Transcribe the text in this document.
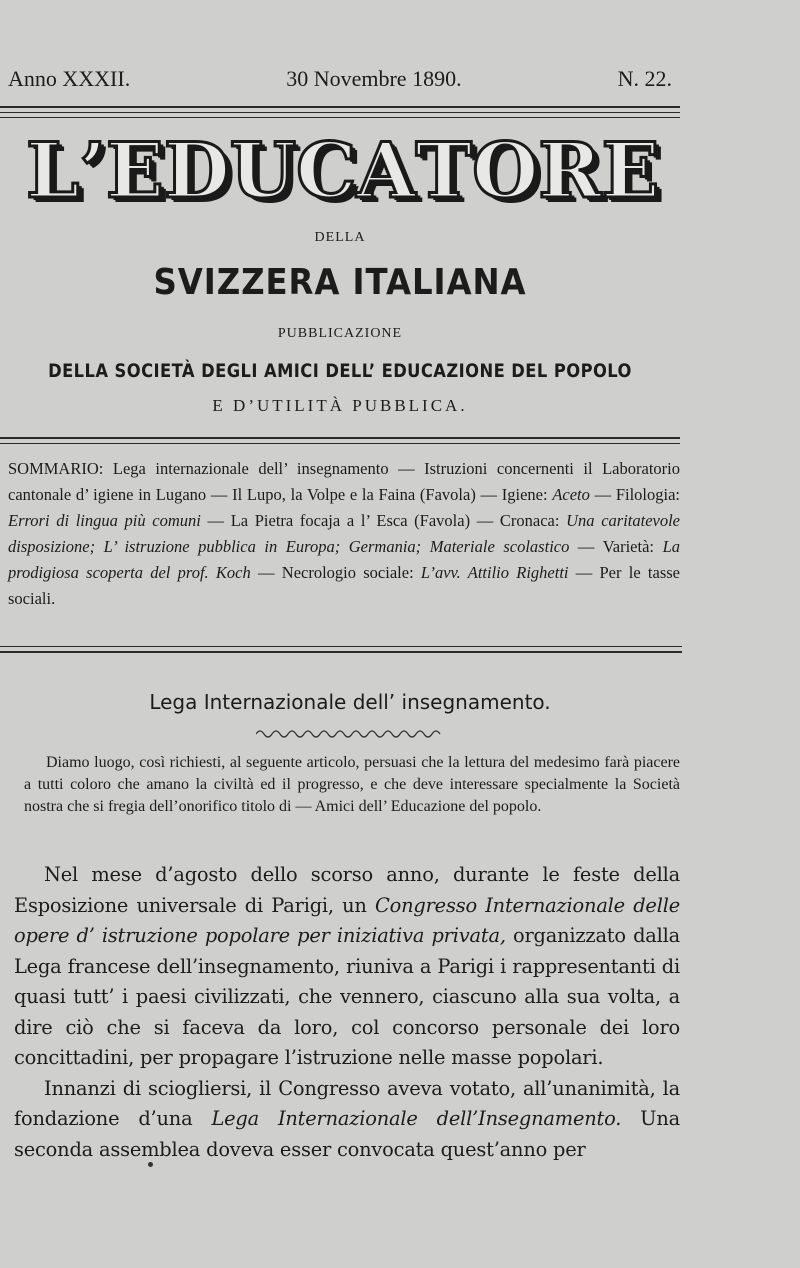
Anno XXXII.	30 Novembre 1890.	N. 22.
L ’ E D U C A T O R E
DELLA
SVIZZERA ITALIANA
PUBBLICAZIONE
DELLA SOCIETÀ DEGLI AMICI DELL’ EDUCAZIONE DEL POPOLO
E D’UTILITÀ PUBBLICA.
SOMMARIO: Lega internazionale dell’ insegnamento — Istruzioni concernenti il Laboratorio cantonale d’ igiene in Lugano — Il Lupo, la Volpe e la Faina (Favola) — Igiene: Aceto — Filologia: Errori di lingua più comuni — La Pietra focaja a l’ Esca (Favola) — Cronaca: Una caritatevole disposizione; L’ istruzione pubblica in Europa; Germania; Materiale scolastico — Varietà: La prodigiosa scoperta del prof. Koch — Necrologio sociale: L’avv. Attilio Righetti — Per le tasse sociali.
Lega Internazionale dell’ insegnamento.
Diamo luogo, così richiesti, al seguente articolo, persuasi che la lettura del medesimo farà piacere a tutti coloro che amano la civiltà ed il progresso, e che deve interessare specialmente la Società nostra che si fregia dell’onorifico titolo di — Amici dell’ Educazione del popolo.

Nel mese d’agosto dello scorso anno, durante le feste della Esposizione universale di Parigi, un Congresso Internazionale delle opere d’ istruzione popolare per iniziativa privata, organizzato dalla Lega francese dell’insegnamento, riuniva a Parigi i rappresentanti di quasi tutt’ i paesi civilizzati, che vennero, ciascuno alla sua volta, a dire ciò che si faceva da loro, col concorso personale dei loro concittadini, per propagare l’istruzione nelle masse popolari.

Innanzi di sciogliersi, il Congresso aveva votato, all’unanimità, la fondazione d’una Lega Internazionale dell’Insegnamento. Una seconda assemblea doveva esser convocata quest’anno per
